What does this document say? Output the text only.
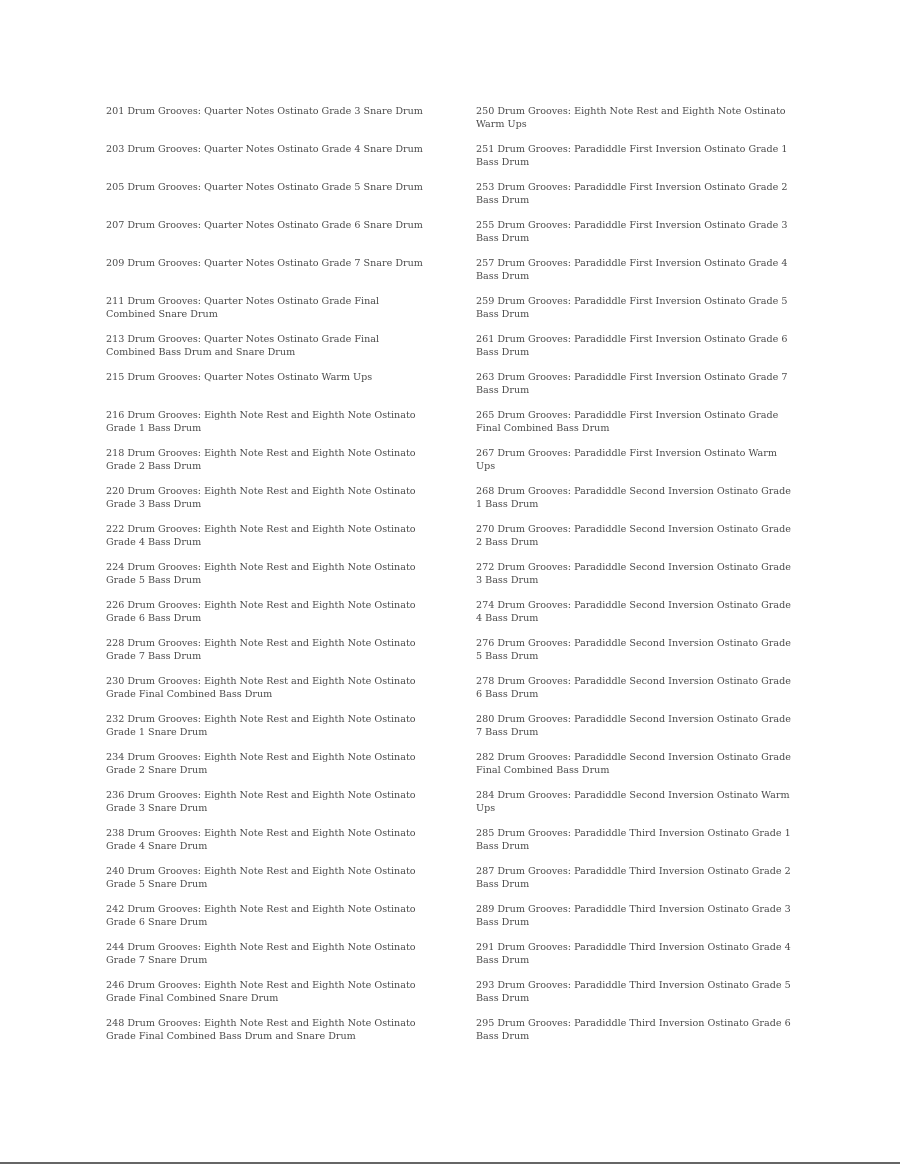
201 Drum Grooves: Quarter Notes Ostinato Grade 3 Snare Drum
203 Drum Grooves: Quarter Notes Ostinato Grade 4 Snare Drum
205 Drum Grooves: Quarter Notes Ostinato Grade 5 Snare Drum
207 Drum Grooves: Quarter Notes Ostinato Grade 6 Snare Drum
209 Drum Grooves: Quarter Notes Ostinato Grade 7 Snare Drum
211 Drum Grooves: Quarter Notes Ostinato Grade Final Combined Snare Drum
213 Drum Grooves: Quarter Notes Ostinato Grade Final Combined Bass Drum and Snare Drum
215 Drum Grooves: Quarter Notes Ostinato Warm Ups
216 Drum Grooves: Eighth Note Rest and Eighth Note Ostinato Grade 1 Bass Drum
218 Drum Grooves: Eighth Note Rest and Eighth Note Ostinato Grade 2 Bass Drum
220 Drum Grooves: Eighth Note Rest and Eighth Note Ostinato Grade 3 Bass Drum
222 Drum Grooves: Eighth Note Rest and Eighth Note Ostinato Grade 4 Bass Drum
224 Drum Grooves: Eighth Note Rest and Eighth Note Ostinato Grade 5 Bass Drum
226 Drum Grooves: Eighth Note Rest and Eighth Note Ostinato Grade 6 Bass Drum
228 Drum Grooves: Eighth Note Rest and Eighth Note Ostinato Grade 7 Bass Drum
230 Drum Grooves: Eighth Note Rest and Eighth Note Ostinato Grade Final Combined Bass Drum
232 Drum Grooves: Eighth Note Rest and Eighth Note Ostinato Grade 1 Snare Drum
234 Drum Grooves: Eighth Note Rest and Eighth Note Ostinato Grade 2 Snare Drum
236 Drum Grooves: Eighth Note Rest and Eighth Note Ostinato Grade 3 Snare Drum
238 Drum Grooves: Eighth Note Rest and Eighth Note Ostinato Grade 4 Snare Drum
240 Drum Grooves: Eighth Note Rest and Eighth Note Ostinato Grade 5 Snare Drum
242 Drum Grooves: Eighth Note Rest and Eighth Note Ostinato Grade 6 Snare Drum
244 Drum Grooves: Eighth Note Rest and Eighth Note Ostinato Grade 7 Snare Drum
246 Drum Grooves: Eighth Note Rest and Eighth Note Ostinato Grade Final Combined Snare Drum
248 Drum Grooves: Eighth Note Rest and Eighth Note Ostinato Grade Final Combined Bass Drum and Snare Drum
250 Drum Grooves: Eighth Note Rest and Eighth Note Ostinato Warm Ups
251 Drum Grooves: Paradiddle First Inversion Ostinato Grade 1 Bass Drum
253 Drum Grooves: Paradiddle First Inversion Ostinato Grade 2 Bass Drum
255 Drum Grooves: Paradiddle First Inversion Ostinato Grade 3 Bass Drum
257 Drum Grooves: Paradiddle First Inversion Ostinato Grade 4 Bass Drum
259 Drum Grooves: Paradiddle First Inversion Ostinato Grade 5 Bass Drum
261 Drum Grooves: Paradiddle First Inversion Ostinato Grade 6 Bass Drum
263 Drum Grooves: Paradiddle First Inversion Ostinato Grade 7 Bass Drum
265 Drum Grooves: Paradiddle First Inversion Ostinato Grade Final Combined Bass Drum
267 Drum Grooves: Paradiddle First Inversion Ostinato Warm Ups
268 Drum Grooves: Paradiddle Second Inversion Ostinato Grade 1 Bass Drum
270 Drum Grooves: Paradiddle Second Inversion Ostinato Grade 2 Bass Drum
272 Drum Grooves: Paradiddle Second Inversion Ostinato Grade 3 Bass Drum
274 Drum Grooves: Paradiddle Second Inversion Ostinato Grade 4 Bass Drum
276 Drum Grooves: Paradiddle Second Inversion Ostinato Grade 5 Bass Drum
278 Drum Grooves: Paradiddle Second Inversion Ostinato Grade 6 Bass Drum
280 Drum Grooves: Paradiddle Second Inversion Ostinato Grade 7 Bass Drum
282 Drum Grooves: Paradiddle Second Inversion Ostinato Grade Final Combined Bass Drum
284 Drum Grooves: Paradiddle Second Inversion Ostinato Warm Ups
285 Drum Grooves: Paradiddle Third Inversion Ostinato Grade 1 Bass Drum
287 Drum Grooves: Paradiddle Third Inversion Ostinato Grade 2 Bass Drum
289 Drum Grooves: Paradiddle Third Inversion Ostinato Grade 3 Bass Drum
291 Drum Grooves: Paradiddle Third Inversion Ostinato Grade 4 Bass Drum
293 Drum Grooves: Paradiddle Third Inversion Ostinato Grade 5 Bass Drum
295 Drum Grooves: Paradiddle Third Inversion Ostinato Grade 6 Bass Drum
